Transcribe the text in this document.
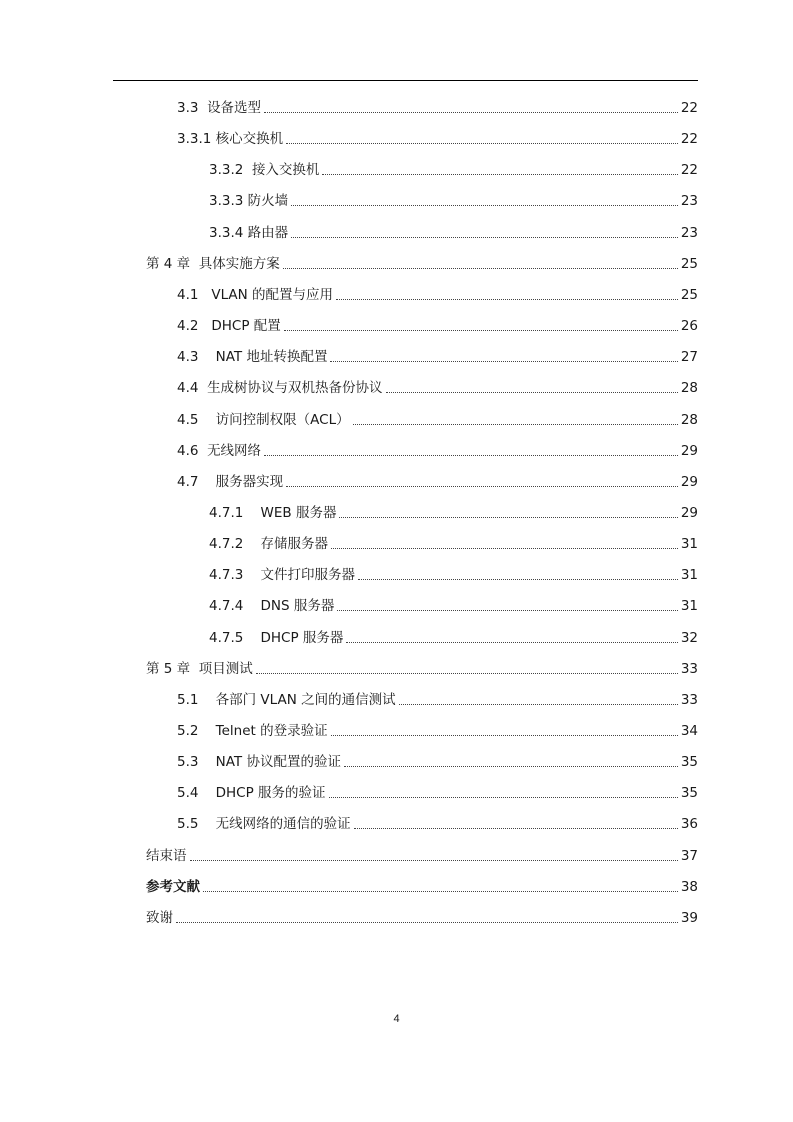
3.3 设备选型	22
3.3.1 核心交换机	22
3.3.2 接入交换机	22
3.3.3 防火墙	23
3.3.4 路由器	23
第 4 章 具体实施方案	25
4.1 VLAN 的配置与应用	25
4.2 DHCP 配置	26
4.3 NAT 地址转换配置	27
4.4 生成树协议与双机热备份协议	28
4.5 访问控制权限（ACL）	28
4.6 无线网络	29
4.7 服务器实现	29
4.7.1 WEB 服务器	29
4.7.2 存储服务器	31
4.7.3 文件打印服务器	31
4.7.4 DNS 服务器	31
4.7.5 DHCP 服务器	32
第 5 章 项目测试	33
5.1 各部门 VLAN 之间的通信测试	33
5.2 Telnet 的登录验证	34
5.3 NAT 协议配置的验证	35
5.4 DHCP 服务的验证	35
5.5 无线网络的通信的验证	36
结束语	37
参考文献	38
致谢	39
4
